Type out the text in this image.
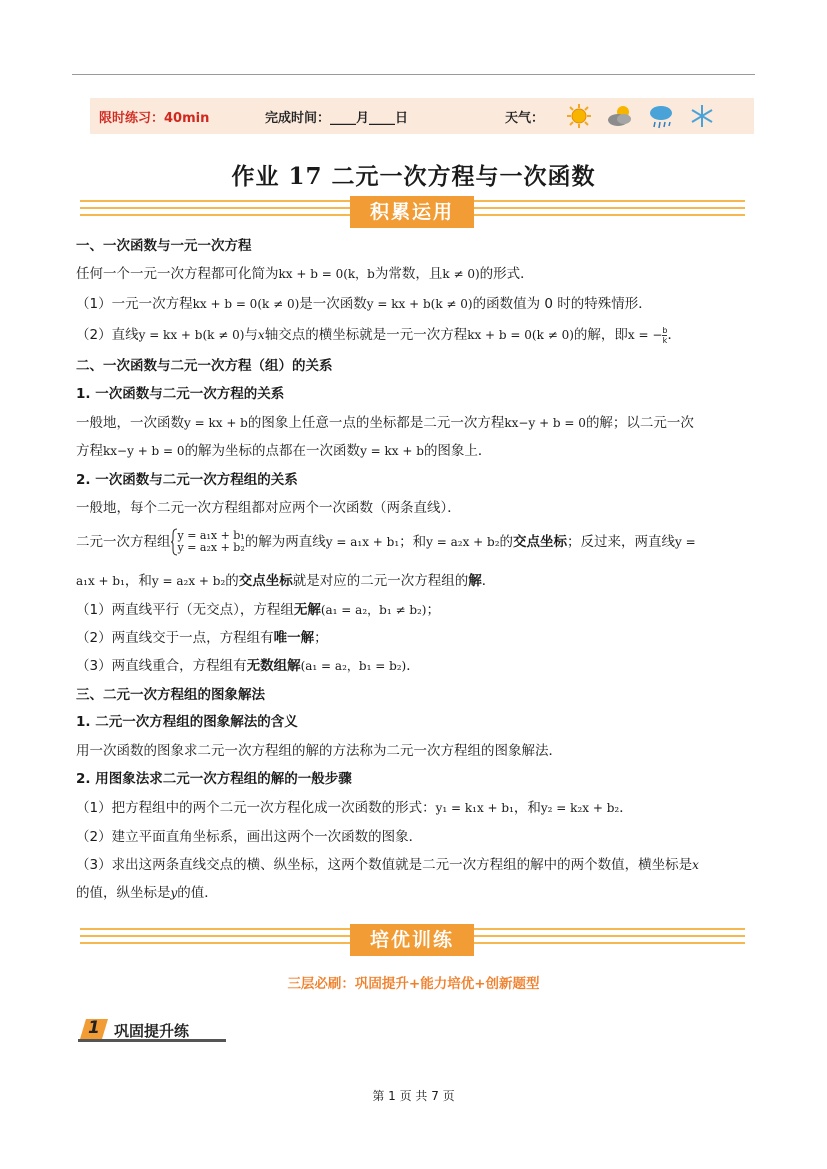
限时练习：40min	完成时间：____月____日	天气：
作业 17 二元一次方程与一次函数
积累运用
一、一次函数与一元一次方程
任何一个一元一次方程都可化简为kx + b = 0(k，b为常数，且k ≠ 0)的形式．
（1）一元一次方程kx + b = 0(k ≠ 0)是一次函数y = kx + b(k ≠ 0)的函数值为 0 时的特殊情形．
（2）直线y = kx + b(k ≠ 0)与x轴交点的横坐标就是一元一次方程kx + b = 0(k ≠ 0)的解，即x = − $\frac{b}{k}$ ．
二、一次函数与二元一次方程（组）的关系
1. 一次函数与二元一次方程的关系
一般地，一次函数y = kx + b的图象上任意一点的坐标都是二元一次方程kx−y + b = 0的解；以二元一次
方程kx−y + b = 0的解为坐标的点都在一次函数y = kx + b的图象上．
2. 一次函数与二元一次方程组的关系
一般地，每个二元一次方程组都对应两个一次函数（两条直线）．
二元一次方程组 y = a₁x + b₁
y = a₂x + b₂ 的解为两直线y = a₁x + b₁；和y = a₂x + b₂的交点坐标；反过来，两直线y =
a₁x + b₁，和y = a₂x + b₂的交点坐标就是对应的二元一次方程组的解．
（1）两直线平行（无交点），方程组无解(a₁ = a₂，b₁ ≠ b₂)；
（2）两直线交于一点，方程组有唯一解；
（3）两直线重合，方程组有无数组解(a₁ = a₂，b₁ = b₂)．
三、二元一次方程组的图象解法
1. 二元一次方程组的图象解法的含义
用一次函数的图象求二元一次方程组的解的方法称为二元一次方程组的图象解法．
2. 用图象法求二元一次方程组的解的一般步骤
（1）把方程组中的两个二元一次方程化成一次函数的形式：y₁ = k₁x + b₁，和y₂ = k₂x + b₂．
（2）建立平面直角坐标系，画出这两个一次函数的图象．
（3）求出这两条直线交点的横、纵坐标，这两个数值就是二元一次方程组的解中的两个数值，横坐标是x
的值，纵坐标是y的值．
培优训练
三层必刷：巩固提升+能力培优+创新题型
1 巩固提升练
第 1 页 共 7 页
